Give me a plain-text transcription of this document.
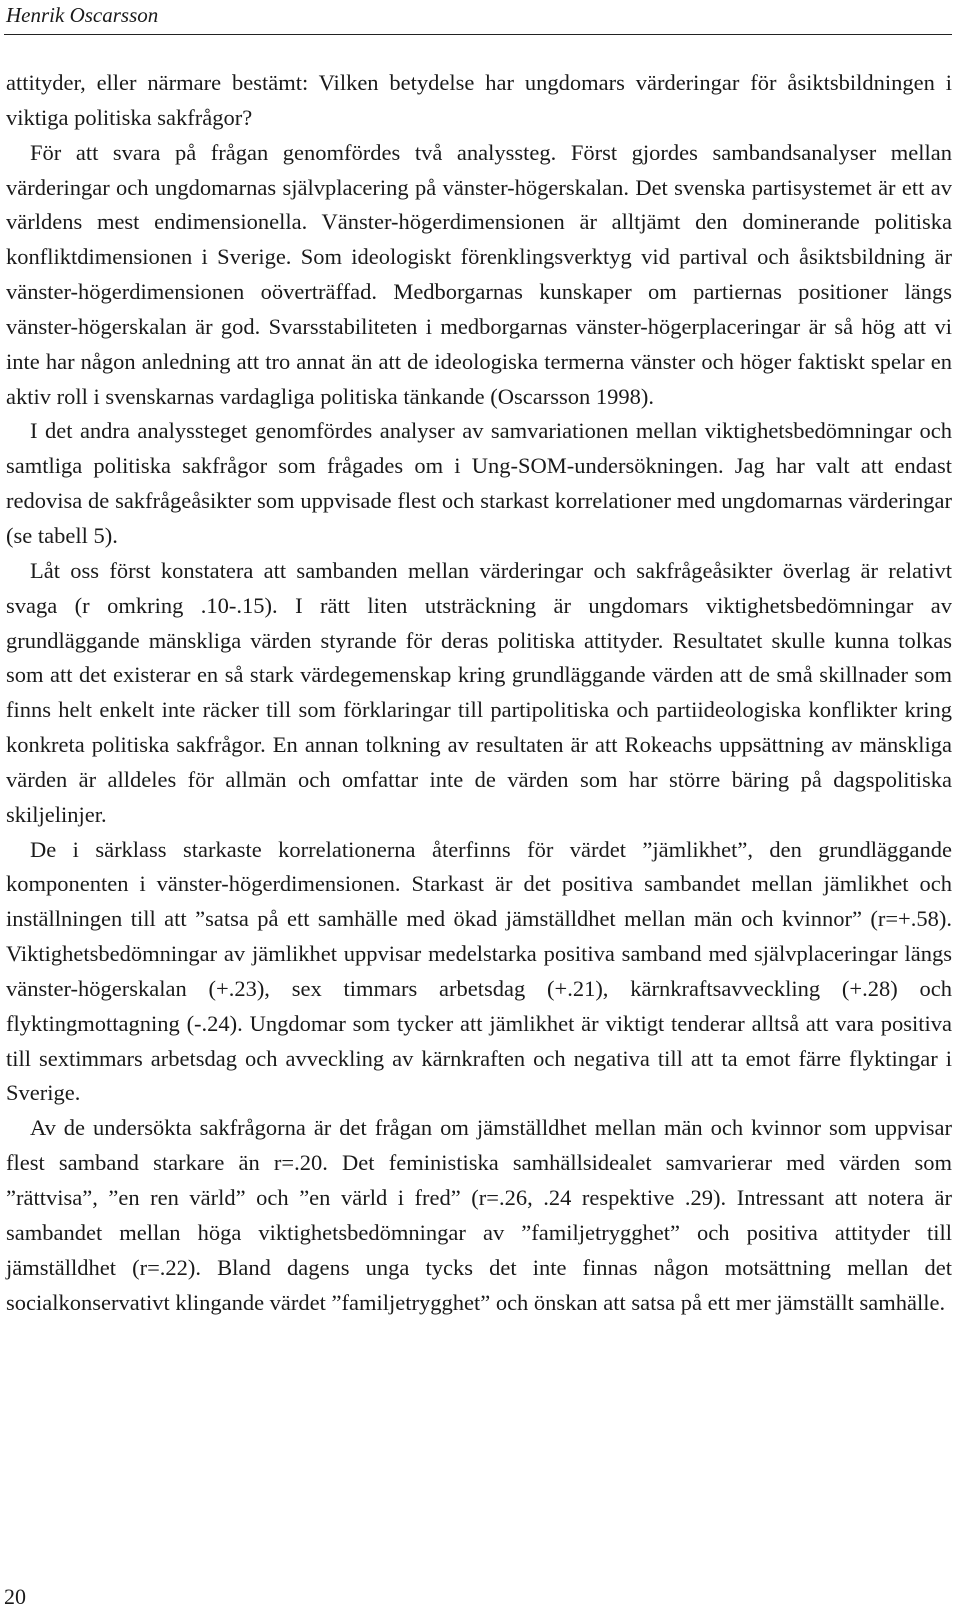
Henrik Oscarsson

attityder, eller närmare bestämt: Vilken betydelse har ungdomars värderingar för åsiktsbildningen i viktiga politiska sakfrågor?

För att svara på frågan genomfördes två analyssteg. Först gjordes sambandsanalyser mellan värderingar och ungdomarnas självplacering på vänster-högerskalan. Det svenska partisystemet är ett av världens mest endimensionella. Vänster-högerdimensionen är alltjämt den dominerande politiska konfliktdimensionen i Sverige. Som ideologiskt förenklingsverktyg vid partival och åsiktsbildning är vänster-högerdimensionen oöverträffad. Medborgarnas kunskaper om partiernas positioner längs vänster-högerskalan är god. Svarsstabiliteten i medborgarnas vänster-högerplaceringar är så hög att vi inte har någon anledning att tro annat än att de ideologiska termerna vänster och höger faktiskt spelar en aktiv roll i svenskarnas vardagliga politiska tänkande (Oscarsson 1998).

I det andra analyssteget genomfördes analyser av samvariationen mellan viktighetsbedömningar och samtliga politiska sakfrågor som frågades om i Ung-SOM-undersökningen. Jag har valt att endast redovisa de sakfrågeåsikter som uppvisade flest och starkast korrelationer med ungdomarnas värderingar (se tabell 5).

Låt oss först konstatera att sambanden mellan värderingar och sakfrågeåsikter överlag är relativt svaga (r omkring .10-.15). I rätt liten utsträckning är ungdomars viktighetsbedömningar av grundläggande mänskliga värden styrande för deras politiska attityder. Resultatet skulle kunna tolkas som att det existerar en så stark värdegemenskap kring grundläggande värden att de små skillnader som finns helt enkelt inte räcker till som förklaringar till partipolitiska och partiideologiska konflikter kring konkreta politiska sakfrågor. En annan tolkning av resultaten är att Rokeachs uppsättning av mänskliga värden är alldeles för allmän och omfattar inte de värden som har större bäring på dagspolitiska skiljelinjer.

De i särklass starkaste korrelationerna återfinns för värdet ”jämlikhet”, den grundläggande komponenten i vänster-högerdimensionen. Starkast är det positiva sambandet mellan jämlikhet och inställningen till att ”satsa på ett samhälle med ökad jämställdhet mellan män och kvinnor” (r=+.58). Viktighetsbedömningar av jämlikhet uppvisar medelstarka positiva samband med självplaceringar längs vänster-högerskalan (+.23), sex timmars arbetsdag (+.21), kärnkraftsavveckling (+.28) och flyktingmottagning (-.24). Ungdomar som tycker att jämlikhet är viktigt tenderar alltså att vara positiva till sextimmars arbetsdag och avveckling av kärnkraften och negativa till att ta emot färre flyktingar i Sverige.

Av de undersökta sakfrågorna är det frågan om jämställdhet mellan män och kvinnor som uppvisar flest samband starkare än r=.20. Det feministiska samhällsidealet samvarierar med värden som ”rättvisa”, ”en ren värld” och ”en värld i fred” (r=.26, .24 respektive .29). Intressant att notera är sambandet mellan höga viktighetsbedömningar av ”familjetrygghet” och positiva attityder till jämställdhet (r=.22). Bland dagens unga tycks det inte finnas någon motsättning mellan det socialkonservativt klingande värdet ”familjetrygghet” och önskan att satsa på ett mer jämställt samhälle.

20
